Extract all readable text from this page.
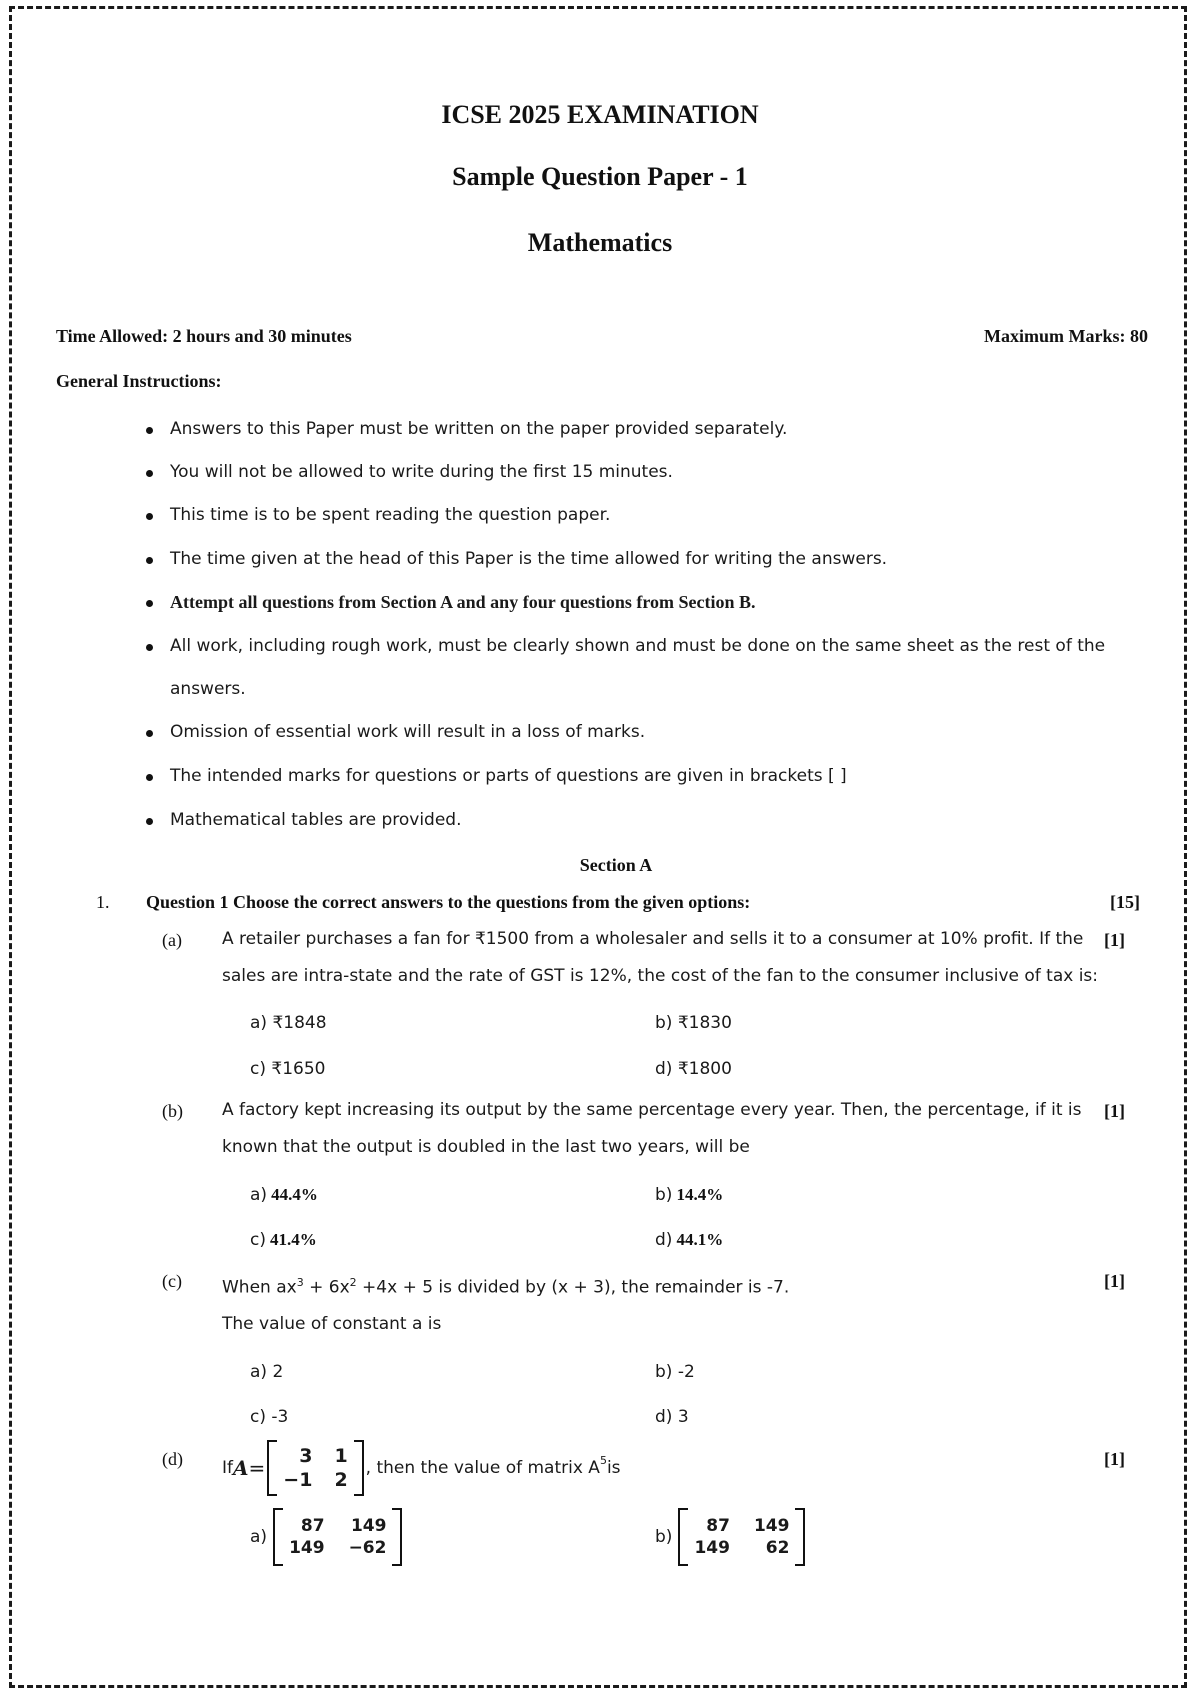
ICSE 2025 EXAMINATION
Sample Question Paper - 1
Mathematics
Time Allowed: 2 hours and 30 minutes	Maximum Marks: 80
General Instructions:
Answers to this Paper must be written on the paper provided separately.
You will not be allowed to write during the first 15 minutes.
This time is to be spent reading the question paper.
The time given at the head of this Paper is the time allowed for writing the answers.
Attempt all questions from Section A and any four questions from Section B.
All work, including rough work, must be clearly shown and must be done on the same sheet as the rest of the
answers.
Omission of essential work will result in a loss of marks.
The intended marks for questions or parts of questions are given in brackets [ ]
Mathematical tables are provided.
Section A
1. Question 1 Choose the correct answers to the questions from the given options:	[15]
(a) A retailer purchases a fan for ₹1500 from a wholesaler and sells it to a consumer at 10% profit. If the
sales are intra-state and the rate of GST is 12%, the cost of the fan to the consumer inclusive of tax is:
[1]
a) ₹1848	b) ₹1830
c) ₹1650	d) ₹1800
(b) A factory kept increasing its output by the same percentage every year. Then, the percentage, if it is
known that the output is doubled in the last two years, will be
[1]
a) 44.4%	b) 14.4%
c) 41.4%	d) 44.1%
(c) When $ax^3 + 6x^2 +4x + 5$ is divided by (x + 3), the remainder is -7.
The value of constant a is
[1]
a) 2	b) -2
c) -3	d) 3
(d) If A =	3 1
−1 2
, then the value of matrix $A^5$ is	[1]
a)
87 149
149 −62
b)
87 149
149	62
